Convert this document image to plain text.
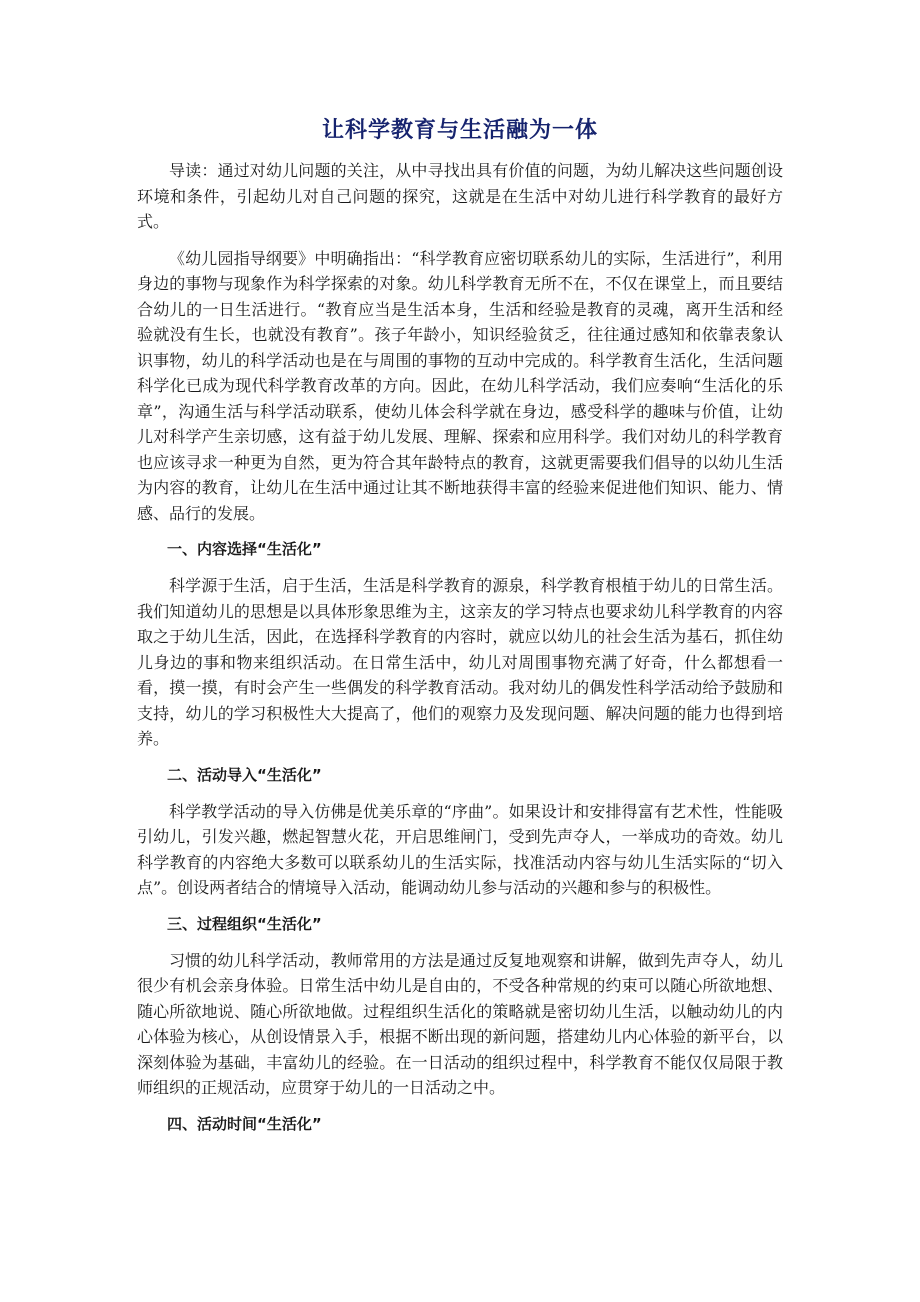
让科学教育与生活融为一体

导读：通过对幼儿问题的关注，从中寻找出具有价值的问题，为幼儿解决这些问题创设环境和条件，引起幼儿对自己问题的探究，这就是在生活中对幼儿进行科学教育的最好方式。

《幼儿园指导纲要》中明确指出：“科学教育应密切联系幼儿的实际，生活进行”，利用身边的事物与现象作为科学探索的对象。幼儿科学教育无所不在，不仅在课堂上，而且要结合幼儿的一日生活进行。“教育应当是生活本身，生活和经验是教育的灵魂，离开生活和经验就没有生长，也就没有教育”。孩子年龄小，知识经验贫乏，往往通过感知和依靠表象认识事物，幼儿的科学活动也是在与周围的事物的互动中完成的。科学教育生活化，生活问题科学化已成为现代科学教育改革的方向。因此，在幼儿科学活动，我们应奏响“生活化的乐章”，沟通生活与科学活动联系，使幼儿体会科学就在身边，感受科学的趣味与价值，让幼儿对科学产生亲切感，这有益于幼儿发展、理解、探索和应用科学。我们对幼儿的科学教育也应该寻求一种更为自然，更为符合其年龄特点的教育，这就更需要我们倡导的以幼儿生活为内容的教育，让幼儿在生活中通过让其不断地获得丰富的经验来促进他们知识、能力、情感、品行的发展。

一、内容选择“生活化”

科学源于生活，启于生活，生活是科学教育的源泉，科学教育根植于幼儿的日常生活。我们知道幼儿的思想是以具体形象思维为主，这亲友的学习特点也要求幼儿科学教育的内容取之于幼儿生活，因此，在选择科学教育的内容时，就应以幼儿的社会生活为基石，抓住幼儿身边的事和物来组织活动。在日常生活中，幼儿对周围事物充满了好奇，什么都想看一看，摸一摸，有时会产生一些偶发的科学教育活动。我对幼儿的偶发性科学活动给予鼓励和支持，幼儿的学习积极性大大提高了，他们的观察力及发现问题、解决问题的能力也得到培养。

二、活动导入“生活化”

科学教学活动的导入仿佛是优美乐章的“序曲”。如果设计和安排得富有艺术性，性能吸引幼儿，引发兴趣，燃起智慧火花，开启思维闸门，受到先声夺人，一举成功的奇效。幼儿科学教育的内容绝大多数可以联系幼儿的生活实际，找准活动内容与幼儿生活实际的“切入点”。创设两者结合的情境导入活动，能调动幼儿参与活动的兴趣和参与的积极性。

三、过程组织“生活化”

习惯的幼儿科学活动，教师常用的方法是通过反复地观察和讲解，做到先声夺人，幼儿很少有机会亲身体验。日常生活中幼儿是自由的，不受各种常规的约束可以随心所欲地想、随心所欲地说、随心所欲地做。过程组织生活化的策略就是密切幼儿生活，以触动幼儿的内心体验为核心，从创设情景入手，根据不断出现的新问题，搭建幼儿内心体验的新平台，以深刻体验为基础，丰富幼儿的经验。在一日活动的组织过程中，科学教育不能仅仅局限于教师组织的正规活动，应贯穿于幼儿的一日活动之中。

四、活动时间“生活化”
